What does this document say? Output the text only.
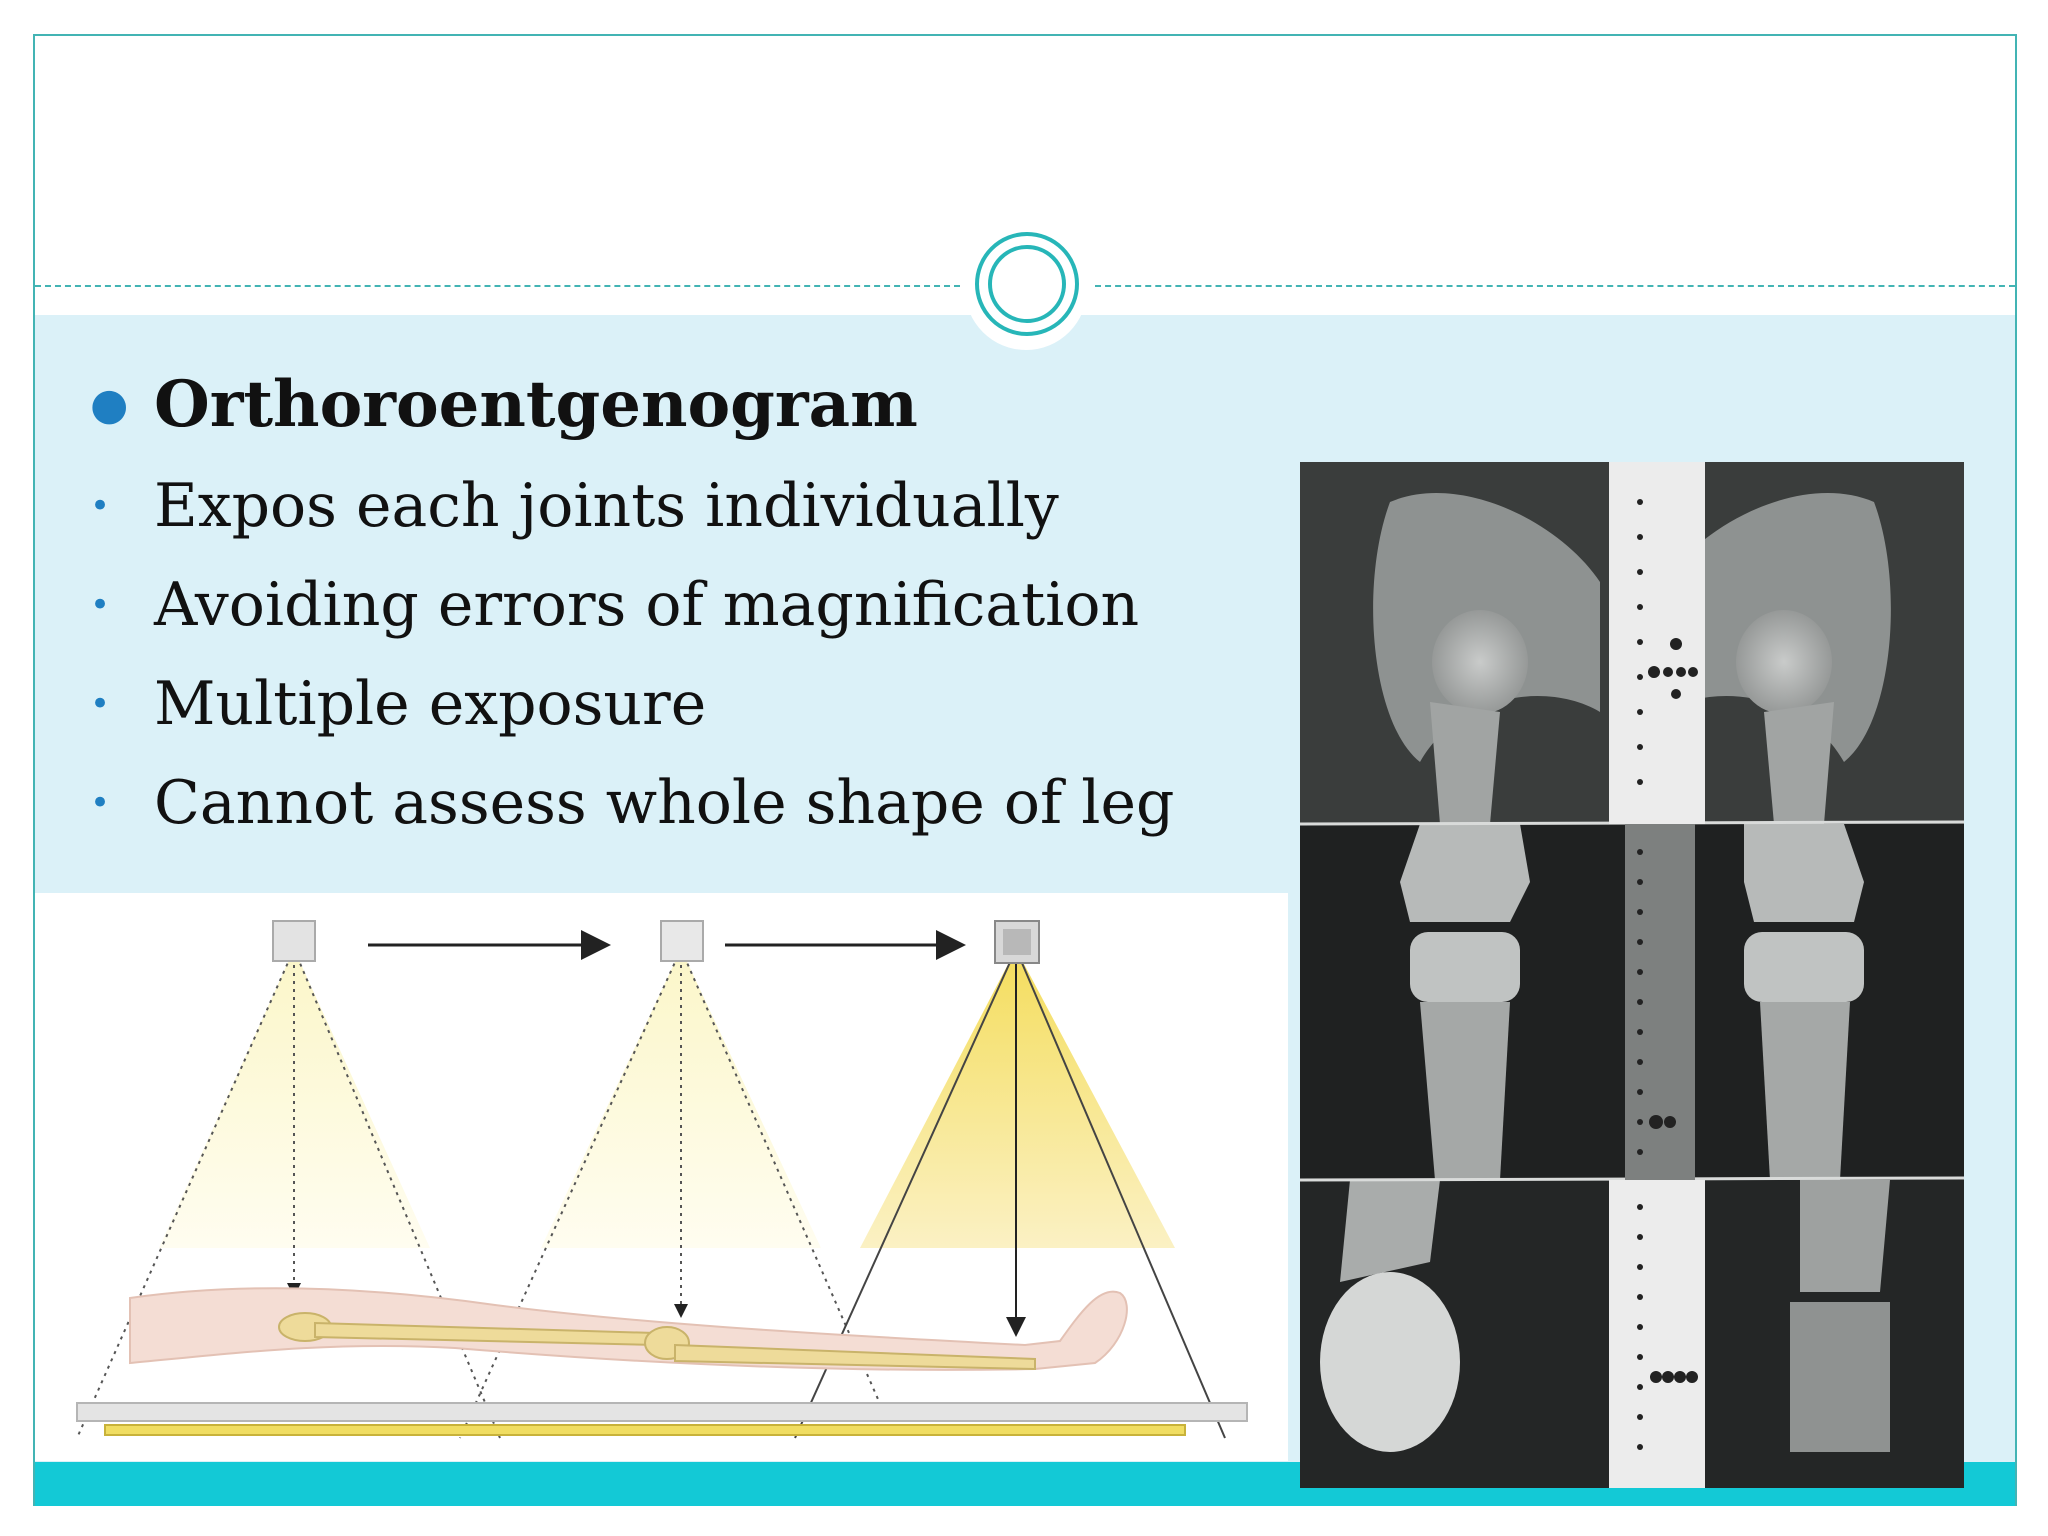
● Orthoroentgenogram

• Expos each joints individually

• Avoiding errors of magnification

• Multiple exposure

• Cannot assess whole shape of leg
